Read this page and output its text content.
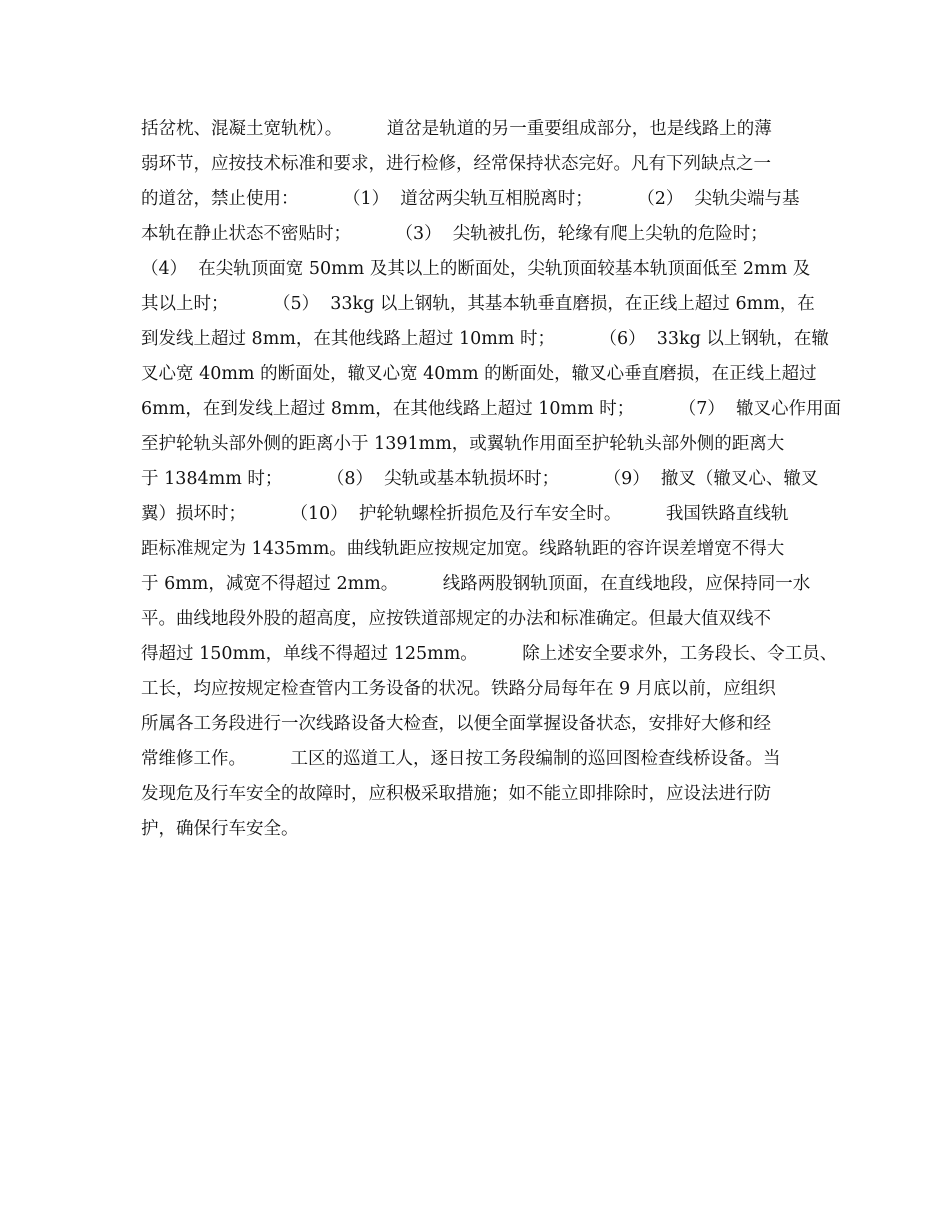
括岔枕、混凝土宽轨枕）。        道岔是轨道的另一重要组成部分，也是线路上的薄
弱环节，应按技术标准和要求，进行检修，经常保持状态完好。凡有下列缺点之一
的道岔，禁止使用：        （1）  道岔两尖轨互相脱离时；        （2）  尖轨尖端与基
本轨在静止状态不密贴时；        （3）  尖轨被扎伤，轮缘有爬上尖轨的危险时；
（4）  在尖轨顶面宽 50mm 及其以上的断面处，尖轨顶面较基本轨顶面低至 2mm 及
其以上时；        （5）  33kg 以上钢轨，其基本轨垂直磨损，在正线上超过 6mm，在
到发线上超过 8mm，在其他线路上超过 10mm 时；        （6）  33kg 以上钢轨，在辙
叉心宽 40mm 的断面处，辙叉心宽 40mm 的断面处，辙叉心垂直磨损，在正线上超过
6mm，在到发线上超过 8mm，在其他线路上超过 10mm 时；        （7）  辙叉心作用面
至护轮轨头部外侧的距离小于 1391mm，或翼轨作用面至护轮轨头部外侧的距离大
于 1384mm 时；        （8）  尖轨或基本轨损坏时；        （9）  撤叉（辙叉心、辙叉
翼）损坏时；        （10）  护轮轨螺栓折损危及行车安全时。        我国铁路直线轨
距标准规定为 1435mm。曲线轨距应按规定加宽。线路轨距的容许误差增宽不得大
于 6mm，减宽不得超过 2mm。        线路两股钢轨顶面，在直线地段，应保持同一水
平。曲线地段外股的超高度，应按铁道部规定的办法和标准确定。但最大值双线不
得超过 150mm，单线不得超过 125mm。        除上述安全要求外，工务段长、令工员、
工长，均应按规定检查管内工务设备的状况。铁路分局每年在 9 月底以前，应组织
所属各工务段进行一次线路设备大检查，以便全面掌握设备状态，安排好大修和经
常维修工作。        工区的巡道工人，逐日按工务段编制的巡回图检查线桥设备。当
发现危及行车安全的故障时，应积极采取措施；如不能立即排除时，应设法进行防
护，确保行车安全。
